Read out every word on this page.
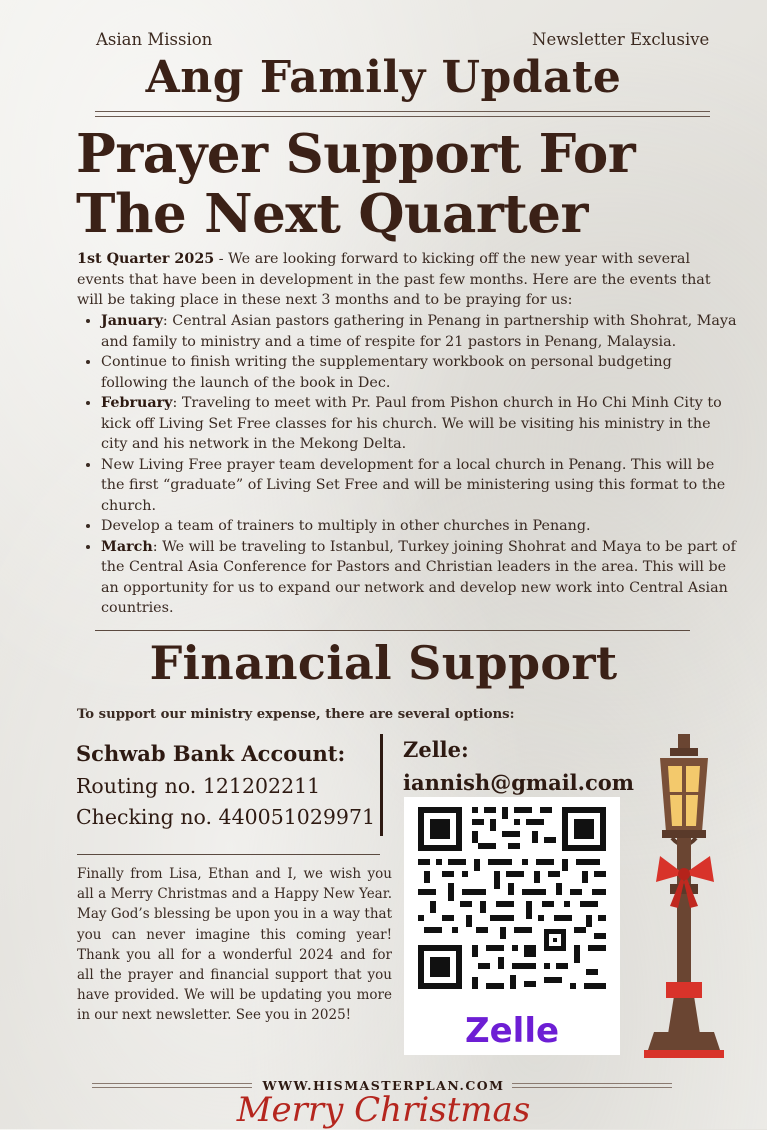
Asian Mission	Newsletter Exclusive
Ang Family Update
Prayer Support For
The Next Quarter
1st Quarter 2025 - We are looking forward to kicking off the new year with several events that have been in development in the past few months. Here are the events that will be taking place in these next 3 months and to be praying for us:
• January: Central Asian pastors gathering in Penang in partnership with Shohrat, Maya and family to ministry and a time of respite for 21 pastors in Penang, Malaysia.
• Continue to finish writing the supplementary workbook on personal budgeting following the launch of the book in Dec.
• February: Traveling to meet with Pr. Paul from Pishon church in Ho Chi Minh City to kick off Living Set Free classes for his church. We will be visiting his ministry in the city and his network in the Mekong Delta.
• New Living Free prayer team development for a local church in Penang. This will be the first “graduate” of Living Set Free and will be ministering using this format to the church.
• Develop a team of trainers to multiply in other churches in Penang.
• March: We will be traveling to Istanbul, Turkey joining Shohrat and Maya to be part of the Central Asia Conference for Pastors and Christian leaders in the area. This will be an opportunity for us to expand our network and develop new work into Central Asian countries.
Financial Support
To support our ministry expense, there are several options:
Schwab Bank Account:
Routing no. 121202211
Checking no. 440051029971
Zelle:
iannish@gmail.com
Zelle
Finally from Lisa, Ethan and I, we wish you all a Merry Christmas and a Happy New Year. May God’s blessing be upon you in a way that you can never imagine this coming year! Thank you all for a wonderful 2024 and for all the prayer and financial support that you have provided. We will be updating you more in our next newsletter. See you in 2025!
WWW.HISMASTERPLAN.COM
Merry Christmas
